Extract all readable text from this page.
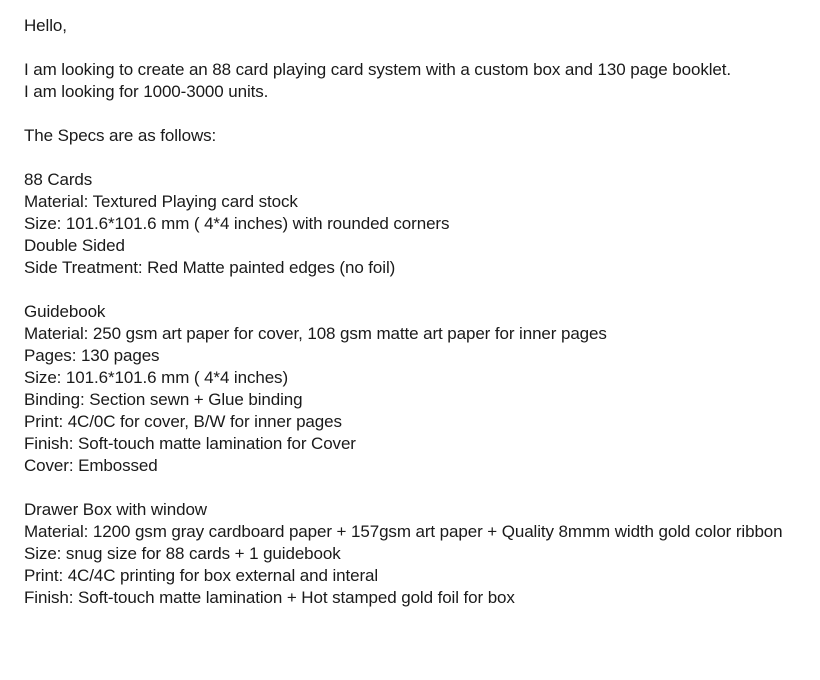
Hello,
I am looking to create an 88 card playing card system with a custom box and 130 page booklet.
I am looking for 1000-3000 units.
The Specs are as follows:
88 Cards
Material: Textured Playing card stock
Size: 101.6*101.6 mm ( 4*4 inches) with rounded corners
Double Sided
Side Treatment: Red Matte painted edges (no foil)
Guidebook
Material: 250 gsm art paper for cover, 108 gsm matte art paper for inner pages
Pages: 130 pages
Size: 101.6*101.6 mm ( 4*4 inches)
Binding: Section sewn + Glue binding
Print: 4C/0C for cover, B/W for inner pages
Finish: Soft-touch matte lamination for Cover
Cover: Embossed
Drawer Box with window
Material: 1200 gsm gray cardboard paper + 157gsm art paper + Quality 8mmm width gold color ribbon
Size: snug size for 88 cards + 1 guidebook
Print: 4C/4C printing for box external and interal
Finish: Soft-touch matte lamination + Hot stamped gold foil for box
